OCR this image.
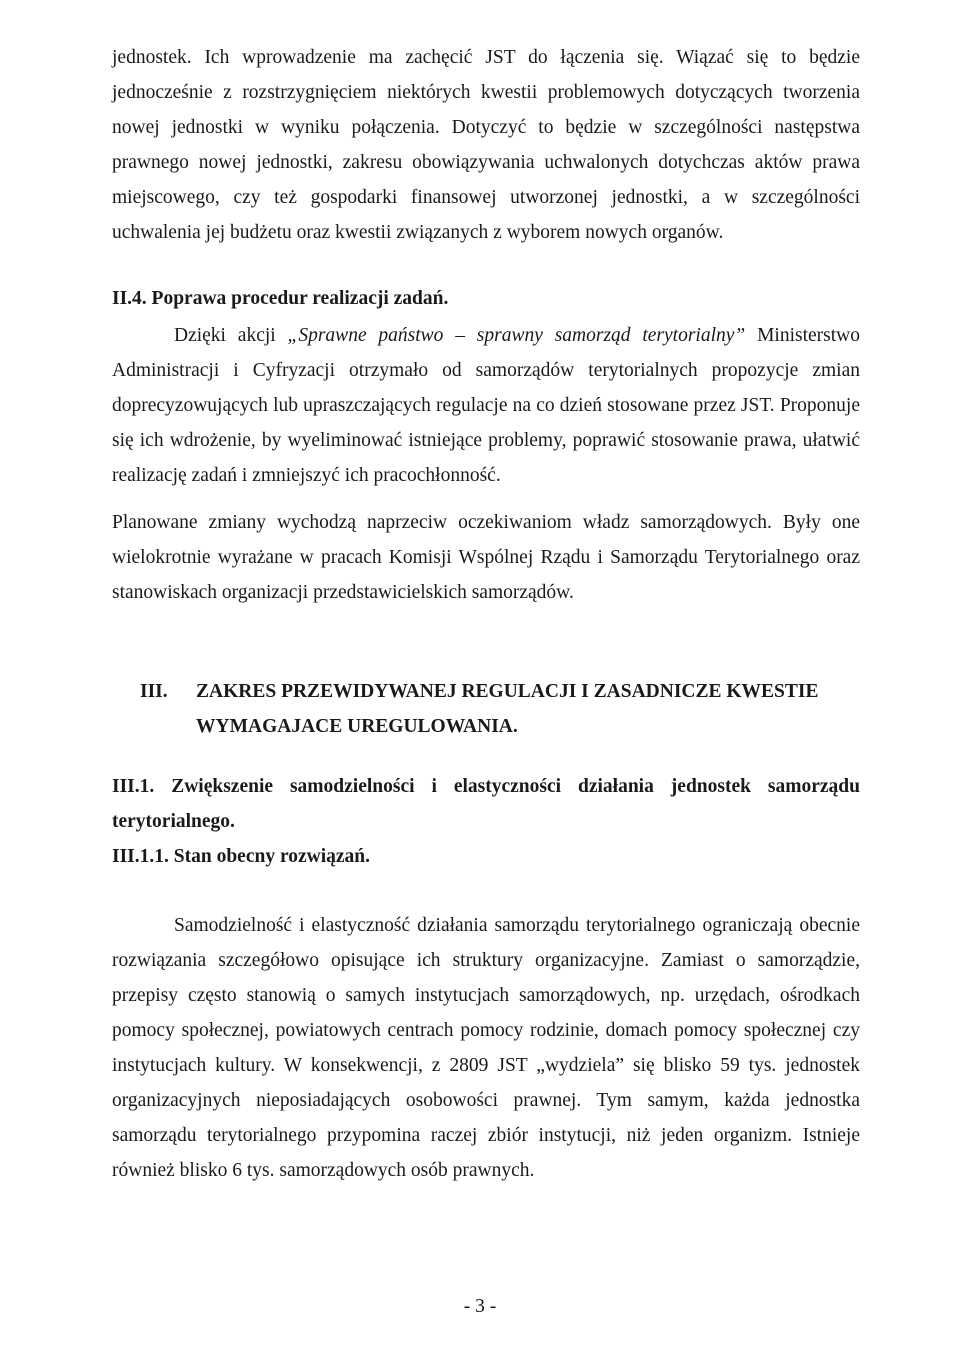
jednostek. Ich wprowadzenie ma zachęcić JST do łączenia się. Wiązać się to będzie jednocześnie z rozstrzygnięciem niektórych kwestii problemowych dotyczących tworzenia nowej jednostki w wyniku połączenia. Dotyczyć to będzie w szczególności następstwa prawnego nowej jednostki, zakresu obowiązywania uchwalonych dotychczas aktów prawa miejscowego, czy też gospodarki finansowej utworzonej jednostki, a w szczególności uchwalenia jej budżetu oraz kwestii związanych z wyborem nowych organów.

II.4. Poprawa procedur realizacji zadań.

Dzięki akcji „Sprawne państwo – sprawny samorząd terytorialny” Ministerstwo Administracji i Cyfryzacji otrzymało od samorządów terytorialnych propozycje zmian doprecyzowujących lub upraszczających regulacje na co dzień stosowane przez JST. Proponuje się ich wdrożenie, by wyeliminować istniejące problemy, poprawić stosowanie prawa, ułatwić realizację zadań i zmniejszyć ich pracochłonność.

Planowane zmiany wychodzą naprzeciw oczekiwaniom władz samorządowych. Były one wielokrotnie wyrażane w pracach Komisji Wspólnej Rządu i Samorządu Terytorialnego oraz stanowiskach organizacji przedstawicielskich samorządów.

III.	ZAKRES PRZEWIDYWANEJ REGULACJI I ZASADNICZE KWESTIE WYMAGAJACE UREGULOWANIA.

III.1. Zwiększenie samodzielności i elastyczności działania jednostek samorządu terytorialnego.

III.1.1. Stan obecny rozwiązań.

Samodzielność i elastyczność działania samorządu terytorialnego ograniczają obecnie rozwiązania szczegółowo opisujące ich struktury organizacyjne. Zamiast o samorządzie, przepisy często stanowią o samych instytucjach samorządowych, np. urzędach, ośrodkach pomocy społecznej, powiatowych centrach pomocy rodzinie, domach pomocy społecznej czy instytucjach kultury. W konsekwencji, z 2809 JST „wydziela” się blisko 59 tys. jednostek organizacyjnych nieposiadających osobowości prawnej. Tym samym, każda jednostka samorządu terytorialnego przypomina raczej zbiór instytucji, niż jeden organizm. Istnieje również blisko 6 tys. samorządowych osób prawnych.

- 3 -
